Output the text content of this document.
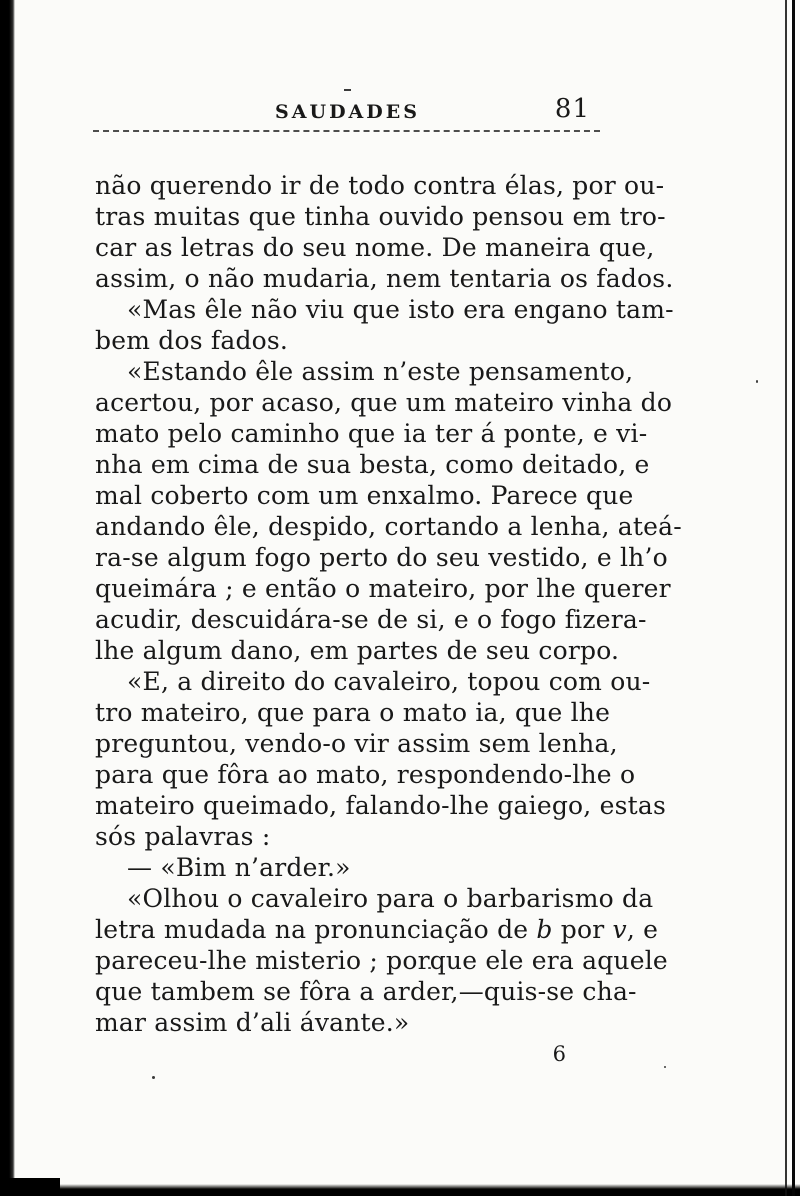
SAUDADES	81
não querendo ir de todo contra élas, por ou-
tras muitas que tinha ouvido pensou em tro-
car as letras do seu nome. De maneira que,
assim, o não mudaria, nem tentaria os fados.
«Mas êle não viu que isto era engano tam-
bem dos fados.
«Estando êle assim n’este pensamento,
acertou, por acaso, que um mateiro vinha do
mato pelo caminho que ia ter á ponte, e vi-
nha em cima de sua besta, como deitado, e
mal coberto com um enxalmo. Parece que
andando êle, despido, cortando a lenha, ateá-
ra-se algum fogo perto do seu vestido, e lh’o
queimára ; e então o mateiro, por lhe querer
acudir, descuidára-se de si, e o fogo fizera-
lhe algum dano, em partes de seu corpo.
«E, a direito do cavaleiro, topou com ou-
tro mateiro, que para o mato ia, que lhe
preguntou, vendo-o vir assim sem lenha,
para que fôra ao mato, respondendo-lhe o
mateiro queimado, falando-lhe gaiego, estas
sós palavras :
— «Bim n’arder.»
«Olhou o cavaleiro para o barbarismo da
letra mudada na pronunciação de b por v, e
pareceu-lhe misterio ; porque ele era aquele
que tambem se fôra a arder,—quis-se cha-
mar assim d’ali ávante.»
6
